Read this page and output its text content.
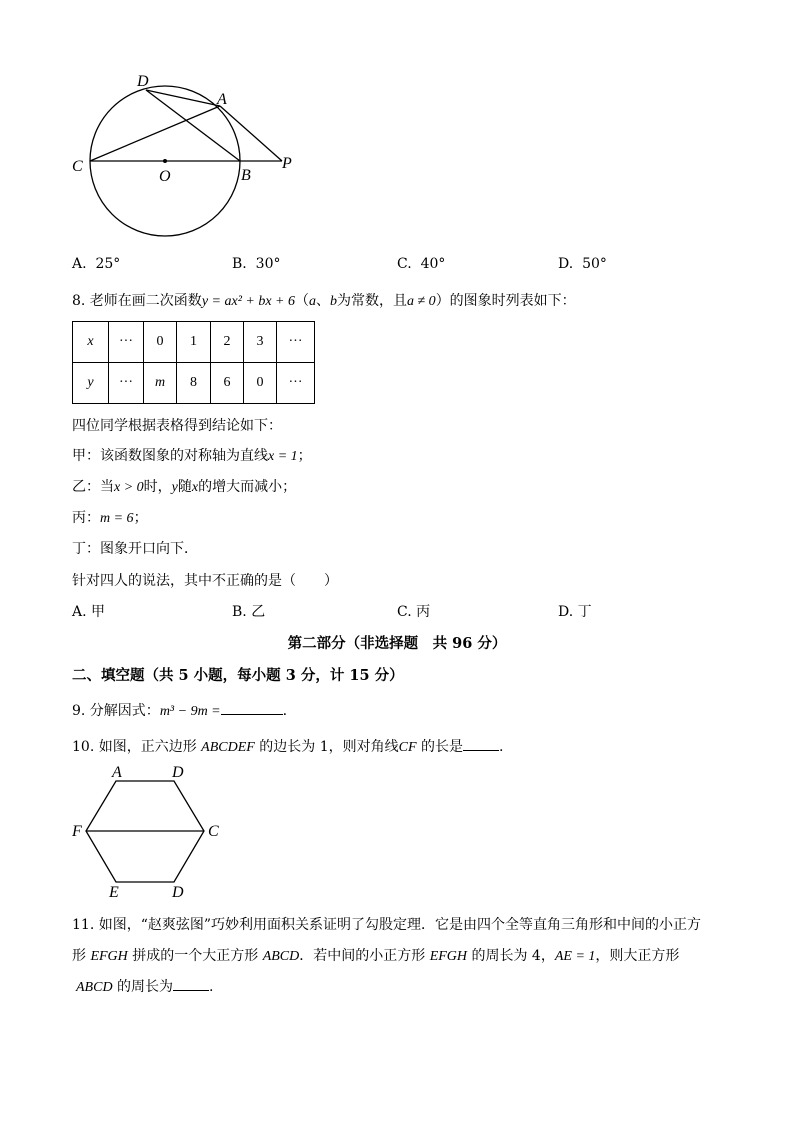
D
A
C
O	B
P
A. 25°	B. 30°	C. 40°	D. 50°
8. 老师在画二次函数y = ax² + bx + 6（a、b为常数，且a ≠ 0）的图象时列表如下：
x	···	0	1	2	3	···
y	···	m	8	6	0	···
四位同学根据表格得到结论如下：
甲：该函数图象的对称轴为直线x = 1；
乙：当x > 0时，y随x的增大而减小；
丙：m = 6；
丁：图象开口向下．
针对四人的说法，其中不正确的是（　　）
A. 甲	B. 乙	C. 丙	D. 丁
第二部分（非选择题　共 96 分）
二、填空题（共 5 小题，每小题 3 分，计 15 分）
9. 分解因式：m³ − 9m =	.
10. 如图，正六边形 ABCDEF 的边长为 1，则对角线CF 的长是	.
A	D
F	C
E	D
11. 如图，“赵爽弦图”巧妙利用面积关系证明了勾股定理．它是由四个全等直角三角形和中间的小正方
形 EFGH 拼成的一个大正方形 ABCD．若中间的小正方形 EFGH 的周长为 4，AE = 1，则大正方形
ABCD 的周长为	.
